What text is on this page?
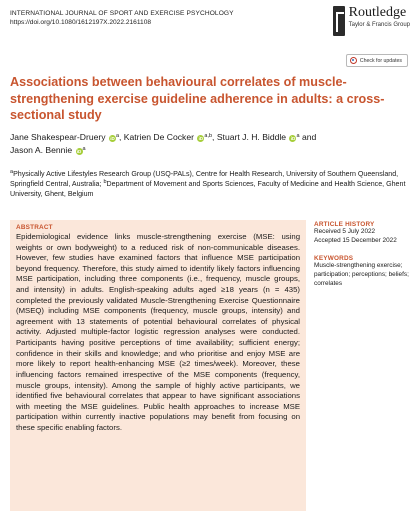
INTERNATIONAL JOURNAL OF SPORT AND EXERCISE PSYCHOLOGY
https://doi.org/10.1080/1612197X.2022.2161108
Routledge
Taylor & Francis Group
Check for updates
Associations between behavioural correlates of muscle-strengthening exercise guideline adherence in adults: a cross-sectional study
Jane Shakespear-Druery $iD^a$, Katrien De Cocker iD$^{a,b}$, Stuart J. H. Biddle $iD^a$ and
Jason A. Bennie $iD^a$
$^a$Physically Active Lifestyles Research Group (USQ-PALs), Centre for Health Research, University of Southern Queensland, Springfield Central, Australia; $^b$Department of Movement and Sports Sciences, Faculty of Medicine and Health Science, Ghent University, Ghent, Belgium
ABSTRACT
Epidemiological evidence links muscle-strengthening exercise (MSE: using weights or own bodyweight) to a reduced risk of non-communicable diseases. However, few studies have examined factors that influence MSE participation beyond frequency. Therefore, this study aimed to identify likely factors influencing MSE participation, including three components (i.e., frequency, muscle groups, and intensity) in adults. English-speaking adults aged ≥18 years (n = 435) completed the previously validated Muscle-Strengthening Exercise Questionnaire (MSEQ) including MSE components (frequency, muscle groups, intensity) and agreement with 13 statements of potential behavioural correlates of physical activity. Adjusted multiple-factor logistic regression analyses were conducted. Participants having positive perceptions of time availability; sufficient energy; confidence in their skills and knowledge; and who prioritise and enjoy MSE are more likely to report health-enhancing MSE (≥2 times/week). Moreover, these influencing factors remained irrespective of the MSE components (frequency, muscle groups, intensity). Among the sample of highly active participants, we identified five behavioural correlates that appear to have significant associations with meeting the MSE guidelines. Public health approaches to increase MSE participation within currently inactive populations may benefit from focusing on these specific enabling factors.
ARTICLE HISTORY
Received 5 July 2022
Accepted 15 December 2022
KEYWORDS
Muscle-strengthening exercise; participation; perceptions; beliefs; correlates
